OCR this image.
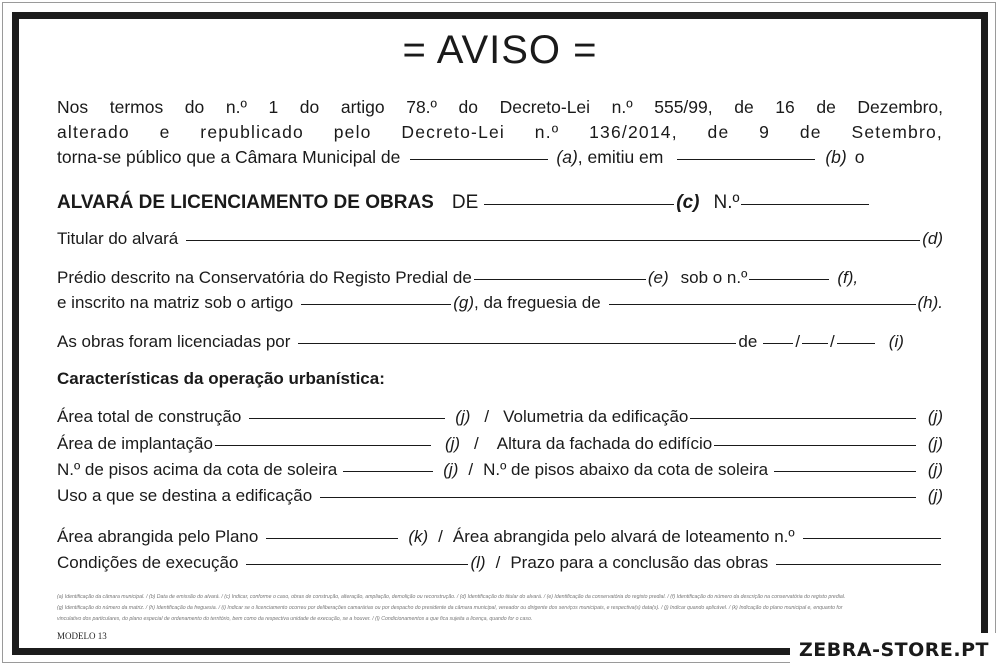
= AVISO =
Nos termos do n.º 1 do artigo 78.º do Decreto-Lei n.º 555/99, de 16 de Dezembro,
alterado e republicado pelo Decreto-Lei n.º 136/2014, de 9 de Setembro,
torna-se público que a Câmara Municipal de	(a) , emitiu em	(b) o
ALVARÁ DE LICENCIAMENTO DE OBRAS DE	(c) N.º
Titular do alvará	(d)
Prédio descrito na Conservatória do Registo Predial de	(e) sob o n.º	(f),
e inscrito na matriz sob o artigo	(g) , da freguesia de	(h).
As obras foram licenciadas por	de / /	(i)
Características da operação urbanística:
Área total de construção	(j) / Volumetria da edificação	(j)
Área de implantação	(j) / Altura da fachada do edifício	(j)
N.º de pisos acima da cota de soleira	(j) / N.º de pisos abaixo da cota de soleira	(j)
Uso a que se destina a edificação	(j)
Área abrangida pelo Plano	(k) / Área abrangida pelo alvará de loteamento n.º
Condições de execução	(l) / Prazo para a conclusão das obras
(a) Identificação da câmara municipal. / (b) Data de emissão do alvará. / (c) Indicar, conforme o caso, obras de construção, alteração, ampliação, demolição ou reconstrução. / (d) Identificação do titular do alvará. / (e) Identificação da conservatória do registo predial. / (f) Identificação do número da descrição na conservatória do registo predial.
(g) Identificação do número da matriz. / (h) Identificação da freguesia. / (i) Indicar se o licenciamento ocorreu por deliberações camarárias ou por despacho do presidente da câmara municipal, vereador ou dirigente dos serviços municipais, e respectiva(s) data(s). / (j) Indicar quando aplicável. / (k) Indicação do plano municipal e, enquanto for
vinculativo dos particulares, do plano especial de ordenamento do território, bem como da respectiva unidade de execução, se a houver. / (l) Condicionamentos a que fica sujeita a licença, quando for o caso.
MODELO 13
ZEBRA-STORE.PT
